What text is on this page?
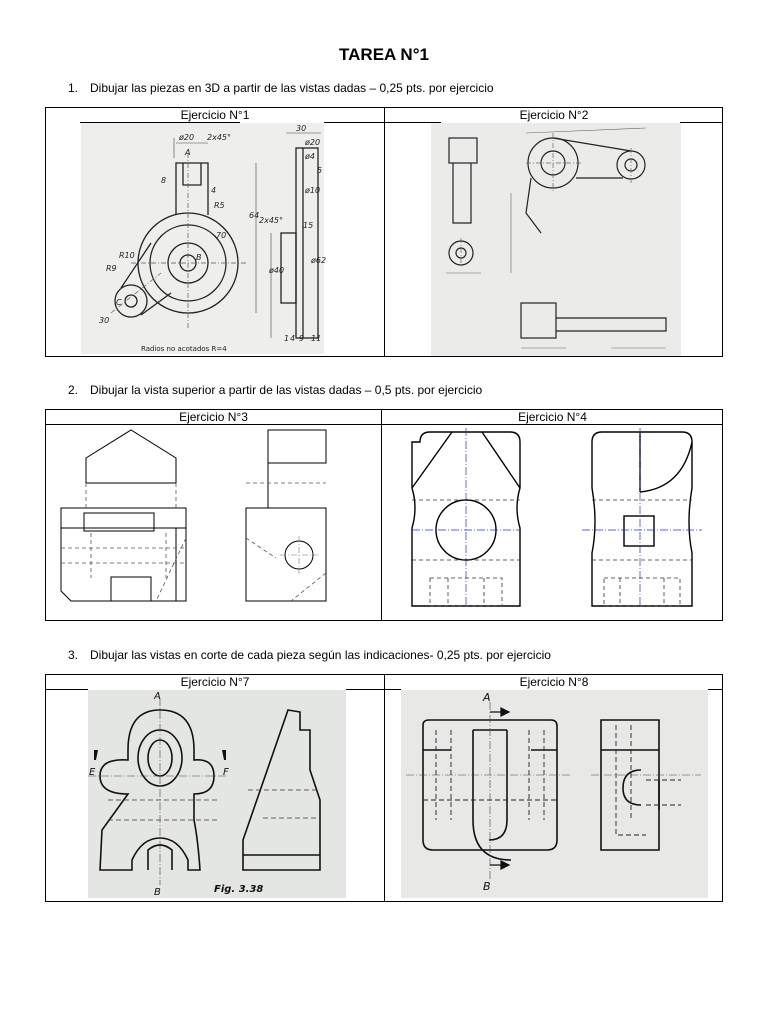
TAREA N°1
1. Dibujar las piezas en 3D a partir de las vistas dadas – 0,25 pts. por ejercicio
Ejercicio N°1	Ejercicio N°2
ø20 2x45°
A
8
4
R5
30
ø20
ø4
ø10
5
2x45°
15
64
70
B
ø40
ø62
R10
30
1 4 9 11
R9
C
Radios no acotados R=4
2. Dibujar la vista superior a partir de las vistas dadas – 0,5 pts. por ejercicio
Ejercicio N°3	Ejercicio N°4
3. Dibujar las vistas en corte de cada pieza según las indicaciones- 0,25 pts. por ejercicio
Ejercicio N°7	Ejercicio N°8
A
E	F
B	Fig. 3.38
A
B
